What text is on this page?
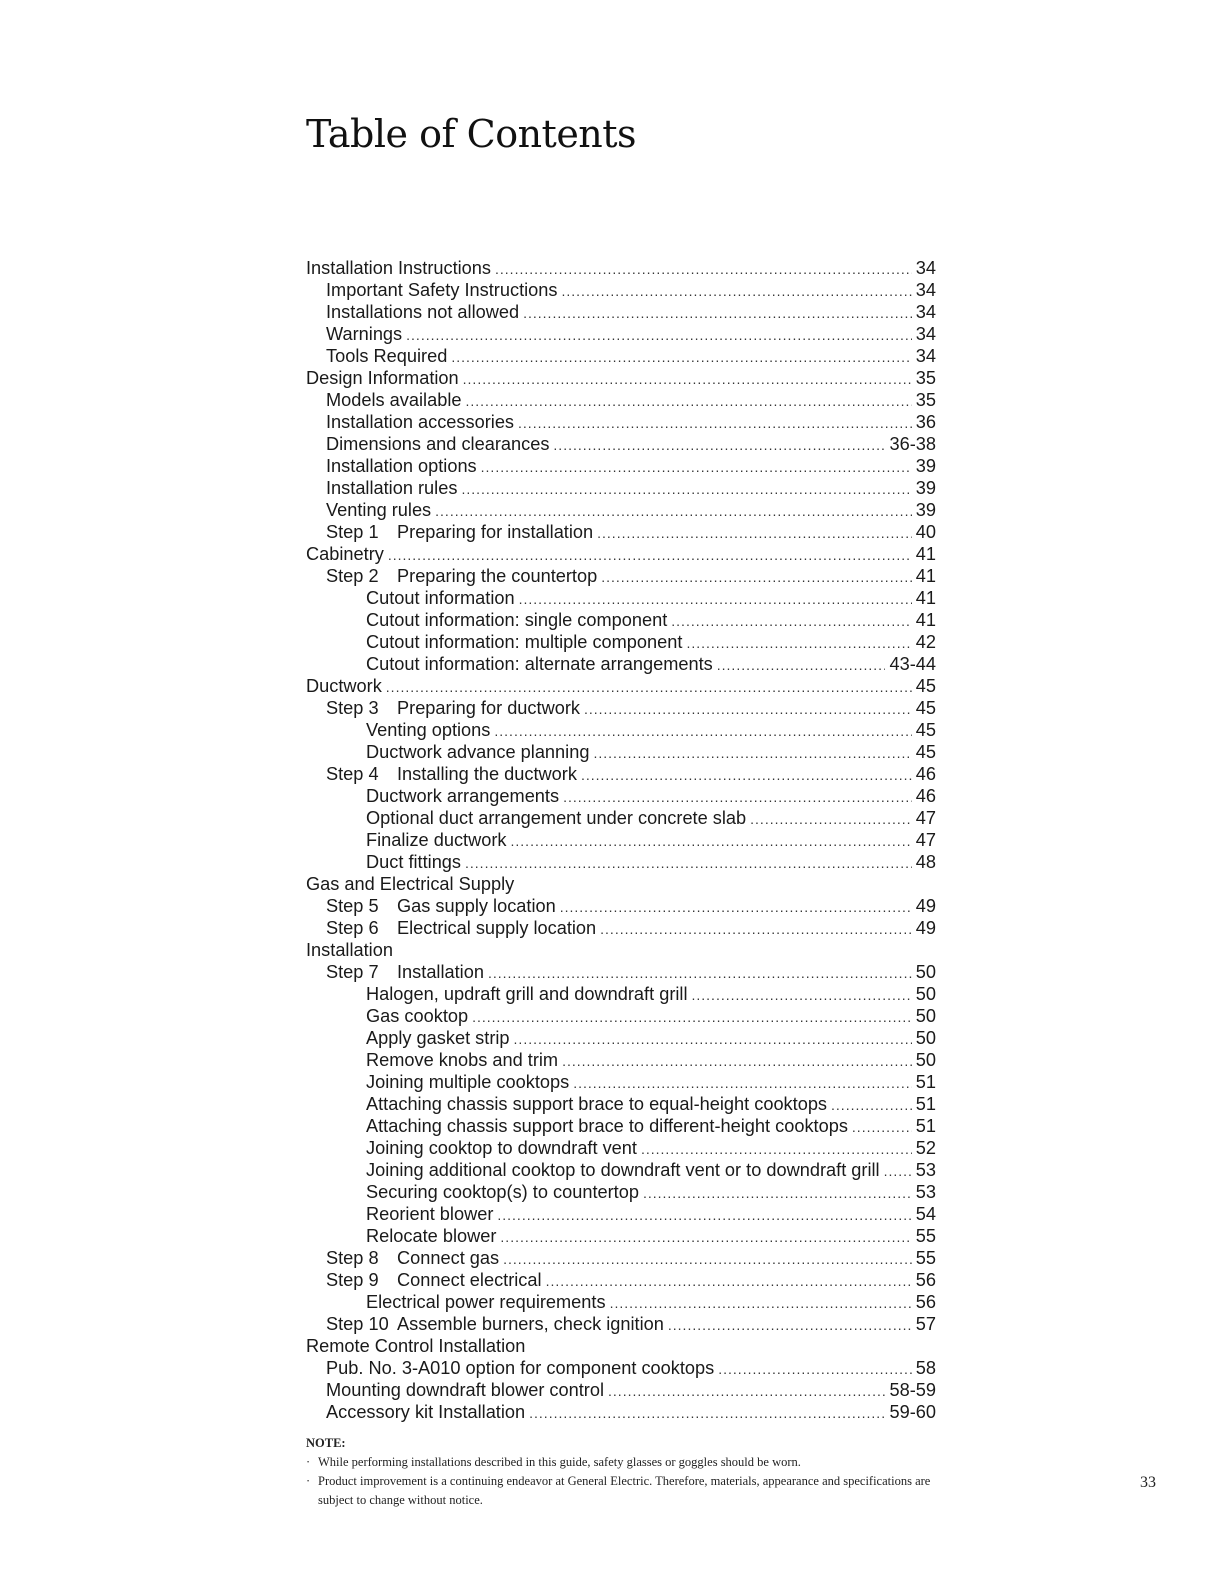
Table of Contents
Installation Instructions .....	34
Important Safety Instructions .....	34
Installations not allowed .....	34
Warnings .....	34
Tools Required .....	34
Design Information .....	35
Models available .....	35
Installation accessories .....	36
Dimensions and clearances .....	36-38
Installation options .....	39
Installation rules .....	39
Venting rules .....	39
Step 1 Preparing for installation .....	40
Cabinetry .....	41
Step 2 Preparing the countertop .....	41
Cutout information .....	41
Cutout information: single component .....	41
Cutout information: multiple component .....	42
Cutout information: alternate arrangements .....	43-44
Ductwork .....	45
Step 3 Preparing for ductwork .....	45
Venting options .....	45
Ductwork advance planning .....	45
Step 4 Installing the ductwork .....	46
Ductwork arrangements .....	46
Optional duct arrangement under concrete slab .....	47
Finalize ductwork .....	47
Duct fittings .....	48
Gas and Electrical Supply
Step 5 Gas supply location .....	49
Step 6 Electrical supply location .....	49
Installation
Step 7 Installation .....	50
Halogen, updraft grill and downdraft grill .....	50
Gas cooktop .....	50
Apply gasket strip .....	50
Remove knobs and trim .....	50
Joining multiple cooktops .....	51
Attaching chassis support brace to equal-height cooktops .....	51
Attaching chassis support brace to different-height cooktops .....	51
Joining cooktop to downdraft vent .....	52
Joining additional cooktop to downdraft vent or to downdraft grill ..... 53
Securing cooktop(s) to countertop .....	53
Reorient blower .....	54
Relocate blower .....	55
Step 8 Connect gas .....	55
Step 9 Connect electrical .....	56
Electrical power requirements .....	56
Step 10 Assemble burners, check ignition .....	57
Remote Control Installation
Pub. No. 3-A010 option for component cooktops .....	58
Mounting downdraft blower control .....	58-59
Accessory kit Installation .....	59-60
NOTE:
· While performing installations described in this guide, safety glasses or goggles should be worn.
· Product improvement is a continuing endeavor at General Electric. Therefore, materials, appearance and specifications are subject to change without notice.
33
